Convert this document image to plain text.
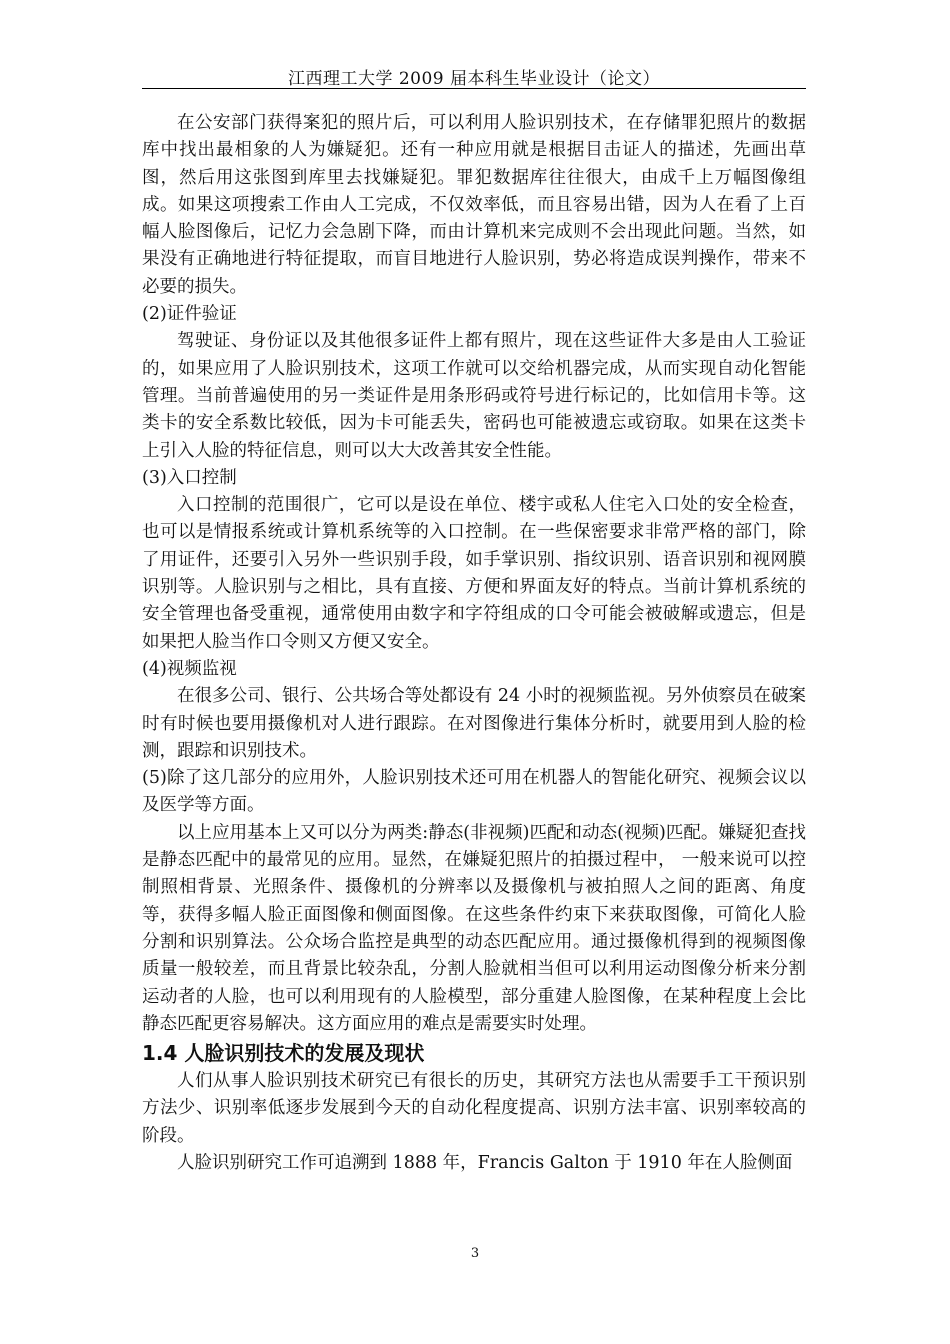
江西理工大学 2009 届本科生毕业设计（论文）

在公安部门获得案犯的照片后，可以利用人脸识别技术，在存储罪犯照片的数据库中找出最相象的人为嫌疑犯。还有一种应用就是根据目击证人的描述，先画出草图，然后用这张图到库里去找嫌疑犯。罪犯数据库往往很大，由成千上万幅图像组成。如果这项搜索工作由人工完成，不仅效率低，而且容易出错，因为人在看了上百幅人脸图像后，记忆力会急剧下降，而由计算机来完成则不会出现此问题。当然，如果没有正确地进行特征提取，而盲目地进行人脸识别，势必将造成误判操作，带来不必要的损失。

(2)证件验证

驾驶证、身份证以及其他很多证件上都有照片，现在这些证件大多是由人工验证的，如果应用了人脸识别技术，这项工作就可以交给机器完成，从而实现自动化智能管理。当前普遍使用的另一类证件是用条形码或符号进行标记的，比如信用卡等。这类卡的安全系数比较低，因为卡可能丢失，密码也可能被遗忘或窃取。如果在这类卡上引入人脸的特征信息，则可以大大改善其安全性能。

(3)入口控制

入口控制的范围很广，它可以是设在单位、楼宇或私人住宅入口处的安全检查，也可以是情报系统或计算机系统等的入口控制。在一些保密要求非常严格的部门，除了用证件，还要引入另外一些识别手段，如手掌识别、指纹识别、语音识别和视网膜识别等。人脸识别与之相比，具有直接、方便和界面友好的特点。当前计算机系统的安全管理也备受重视，通常使用由数字和字符组成的口令可能会被破解或遗忘，但是如果把人脸当作口令则又方便又安全。

(4)视频监视

在很多公司、银行、公共场合等处都设有 24 小时的视频监视。另外侦察员在破案时有时候也要用摄像机对人进行跟踪。在对图像进行集体分析时，就要用到人脸的检测，跟踪和识别技术。

(5)除了这几部分的应用外，人脸识别技术还可用在机器人的智能化研究、视频会议以及医学等方面。

以上应用基本上又可以分为两类:静态(非视频)匹配和动态(视频)匹配。嫌疑犯查找是静态匹配中的最常见的应用。显然，在嫌疑犯照片的拍摄过程中， 一般来说可以控制照相背景、光照条件、摄像机的分辨率以及摄像机与被拍照人之间的距离、角度等，获得多幅人脸正面图像和侧面图像。在这些条件约束下来获取图像，可简化人脸分割和识别算法。公众场合监控是典型的动态匹配应用。通过摄像机得到的视频图像质量一般较差，而且背景比较杂乱，分割人脸就相当但可以利用运动图像分析来分割运动者的人脸，也可以利用现有的人脸模型，部分重建人脸图像，在某种程度上会比静态匹配更容易解决。这方面应用的难点是需要实时处理。

1.4 人脸识别技术的发展及现状

人们从事人脸识别技术研究已有很长的历史，其研究方法也从需要手工干预识别方法少、识别率低逐步发展到今天的自动化程度提高、识别方法丰富、识别率较高的阶段。

人脸识别研究工作可追溯到 1888 年，Francis Galton 于 1910 年在人脸侧面

3
